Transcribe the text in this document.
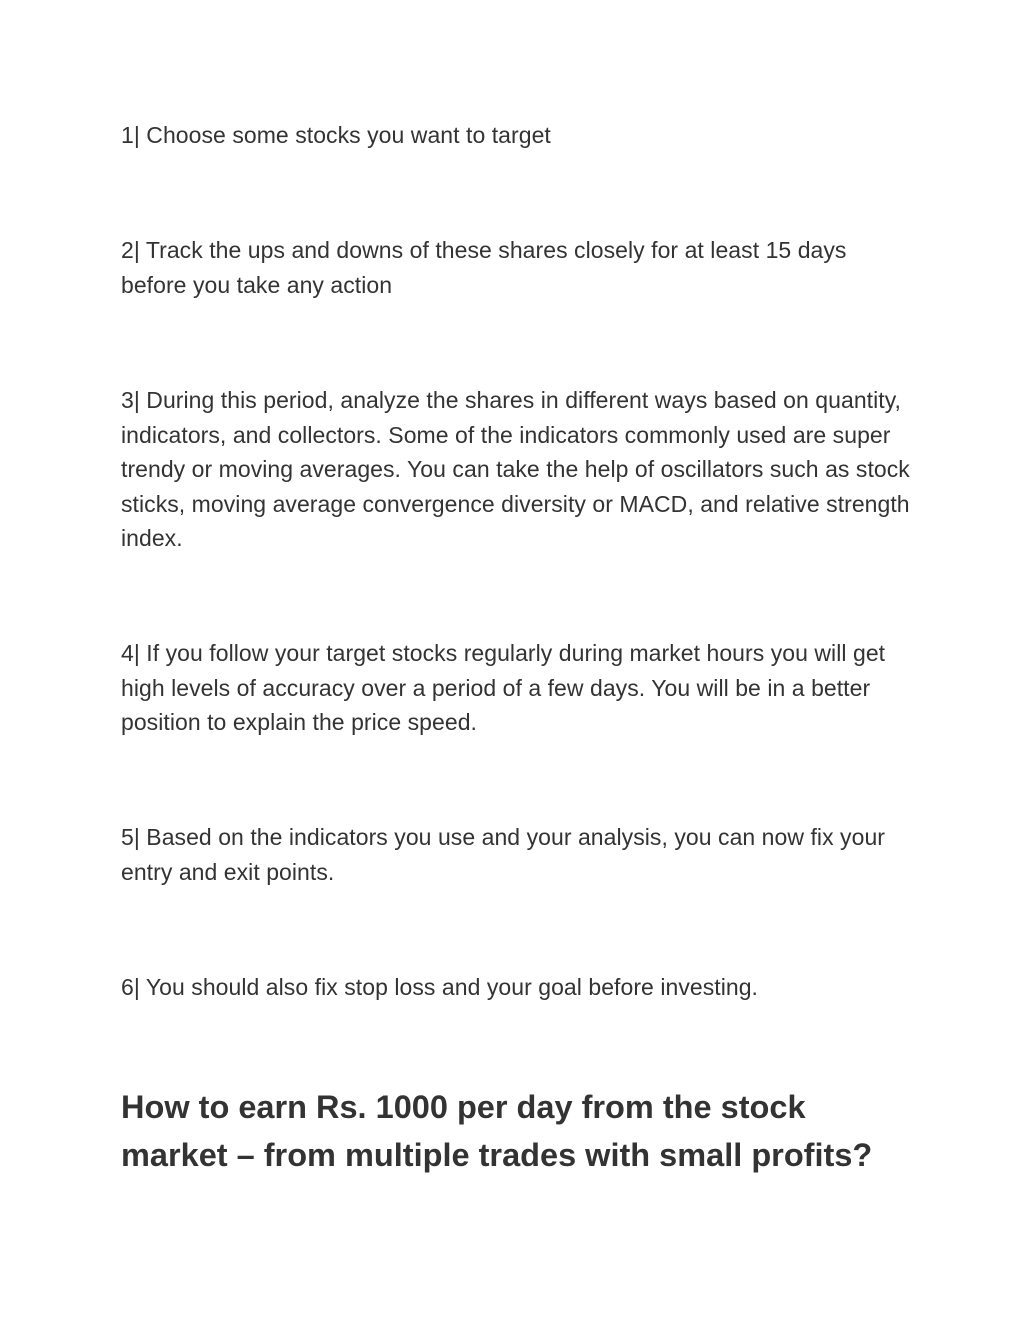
1| Choose some stocks you want to target

2| Track the ups and downs of these shares closely for at least 15 days before you take any action

3| During this period, analyze the shares in different ways based on quantity, indicators, and collectors. Some of the indicators commonly used are super trendy or moving averages. You can take the help of oscillators such as stock sticks, moving average convergence diversity or MACD, and relative strength index.

4| If you follow your target stocks regularly during market hours you will get high levels of accuracy over a period of a few days. You will be in a better position to explain the price speed.

5| Based on the indicators you use and your analysis, you can now fix your entry and exit points.

6| You should also fix stop loss and your goal before investing.

How to earn Rs. 1000 per day from the stock market – from multiple trades with small profits?
